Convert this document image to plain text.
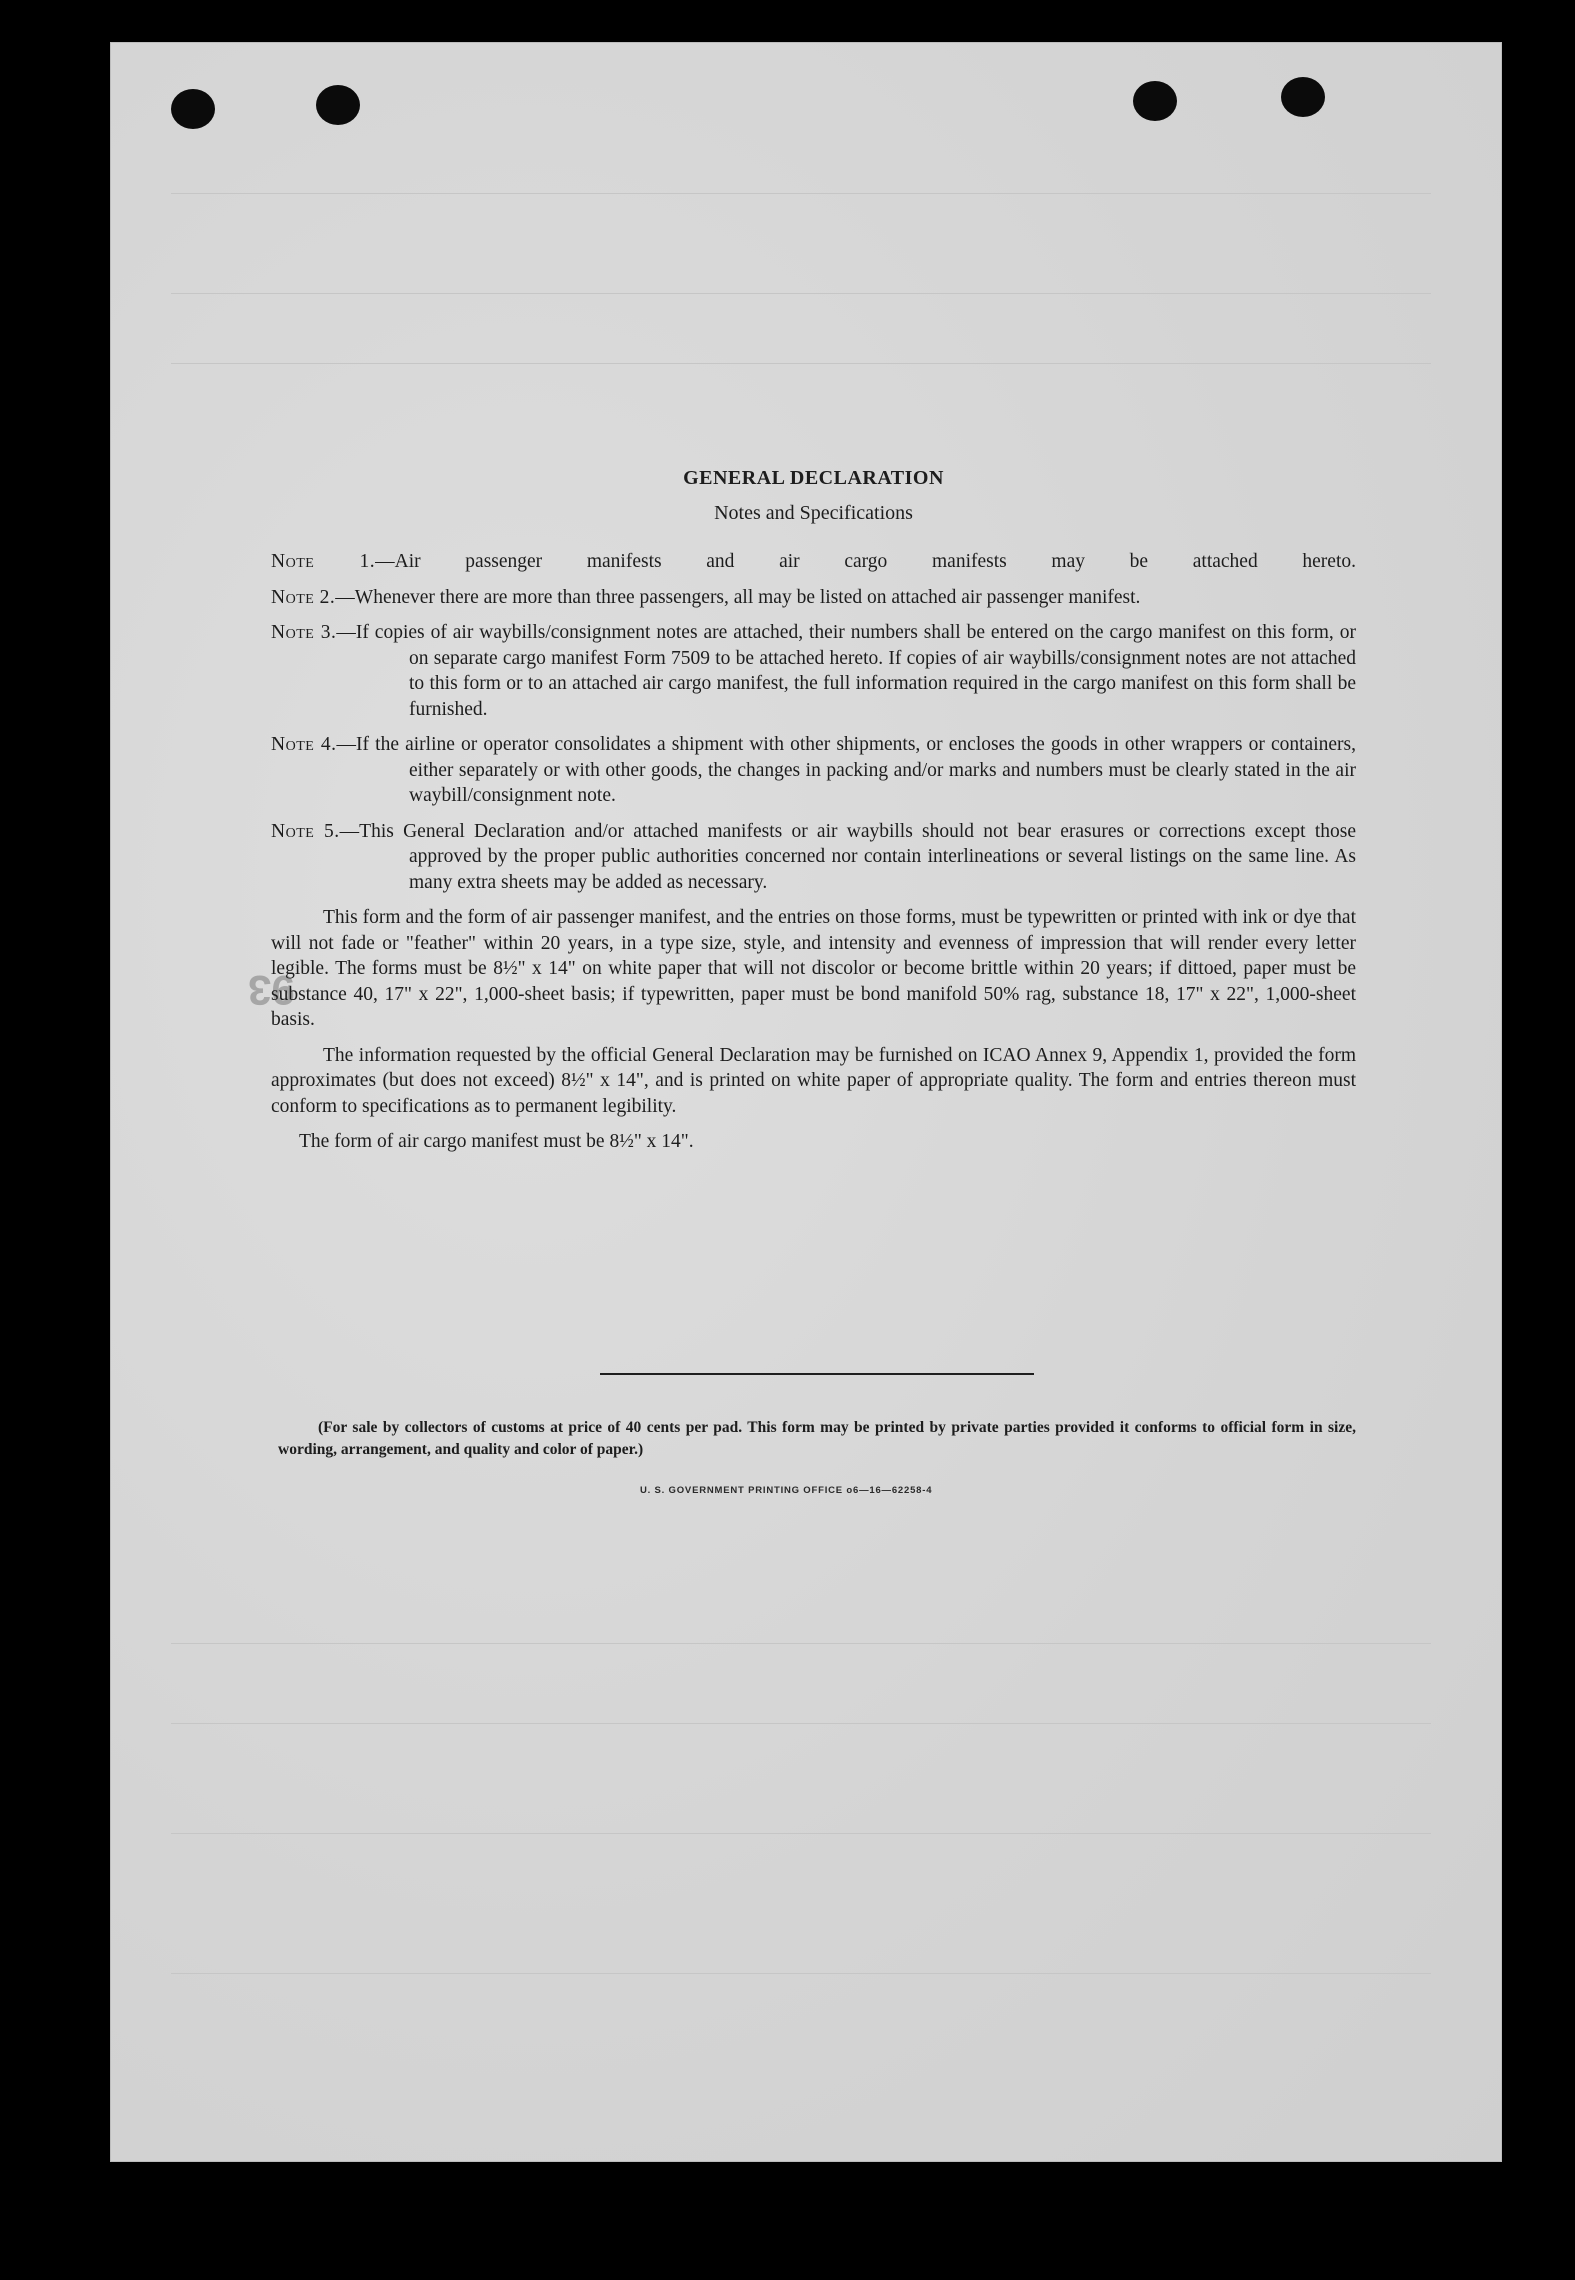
93
GENERAL DECLARATION
Notes and Specifications
Note 1.—Air passenger manifests and air cargo manifests may be attached hereto.
Note 2.—Whenever there are more than three passengers, all may be listed on attached air passenger manifest.
Note 3.—If copies of air waybills/consignment notes are attached, their numbers shall be entered on the cargo manifest on this form, or on separate cargo manifest Form 7509 to be attached hereto. If copies of air waybills/consignment notes are not attached to this form or to an attached air cargo manifest, the full information required in the cargo manifest on this form shall be furnished.
Note 4.—If the airline or operator consolidates a shipment with other shipments, or encloses the goods in other wrappers or containers, either separately or with other goods, the changes in packing and/or marks and numbers must be clearly stated in the air waybill/consignment note.
Note 5.—This General Declaration and/or attached manifests or air waybills should not bear erasures or corrections except those approved by the proper public authorities concerned nor contain interlineations or several listings on the same line. As many extra sheets may be added as necessary.
This form and the form of air passenger manifest, and the entries on those forms, must be typewritten or printed with ink or dye that will not fade or "feather" within 20 years, in a type size, style, and intensity and evenness of impression that will render every letter legible. The forms must be 8½" x 14" on white paper that will not discolor or become brittle within 20 years; if dittoed, paper must be substance 40, 17" x 22", 1,000-sheet basis; if typewritten, paper must be bond manifold 50% rag, substance 18, 17" x 22", 1,000-sheet basis.
The information requested by the official General Declaration may be furnished on ICAO Annex 9, Appendix 1, provided the form approximates (but does not exceed) 8½" x 14", and is printed on white paper of appropriate quality. The form and entries thereon must conform to specifications as to permanent legibility.
The form of air cargo manifest must be 8½" x 14".
(For sale by collectors of customs at price of 40 cents per pad. This form may be printed by private parties provided it conforms to official form in size, wording, arrangement, and quality and color of paper.)
U. S. GOVERNMENT PRINTING OFFICE o6—16—62258-4
